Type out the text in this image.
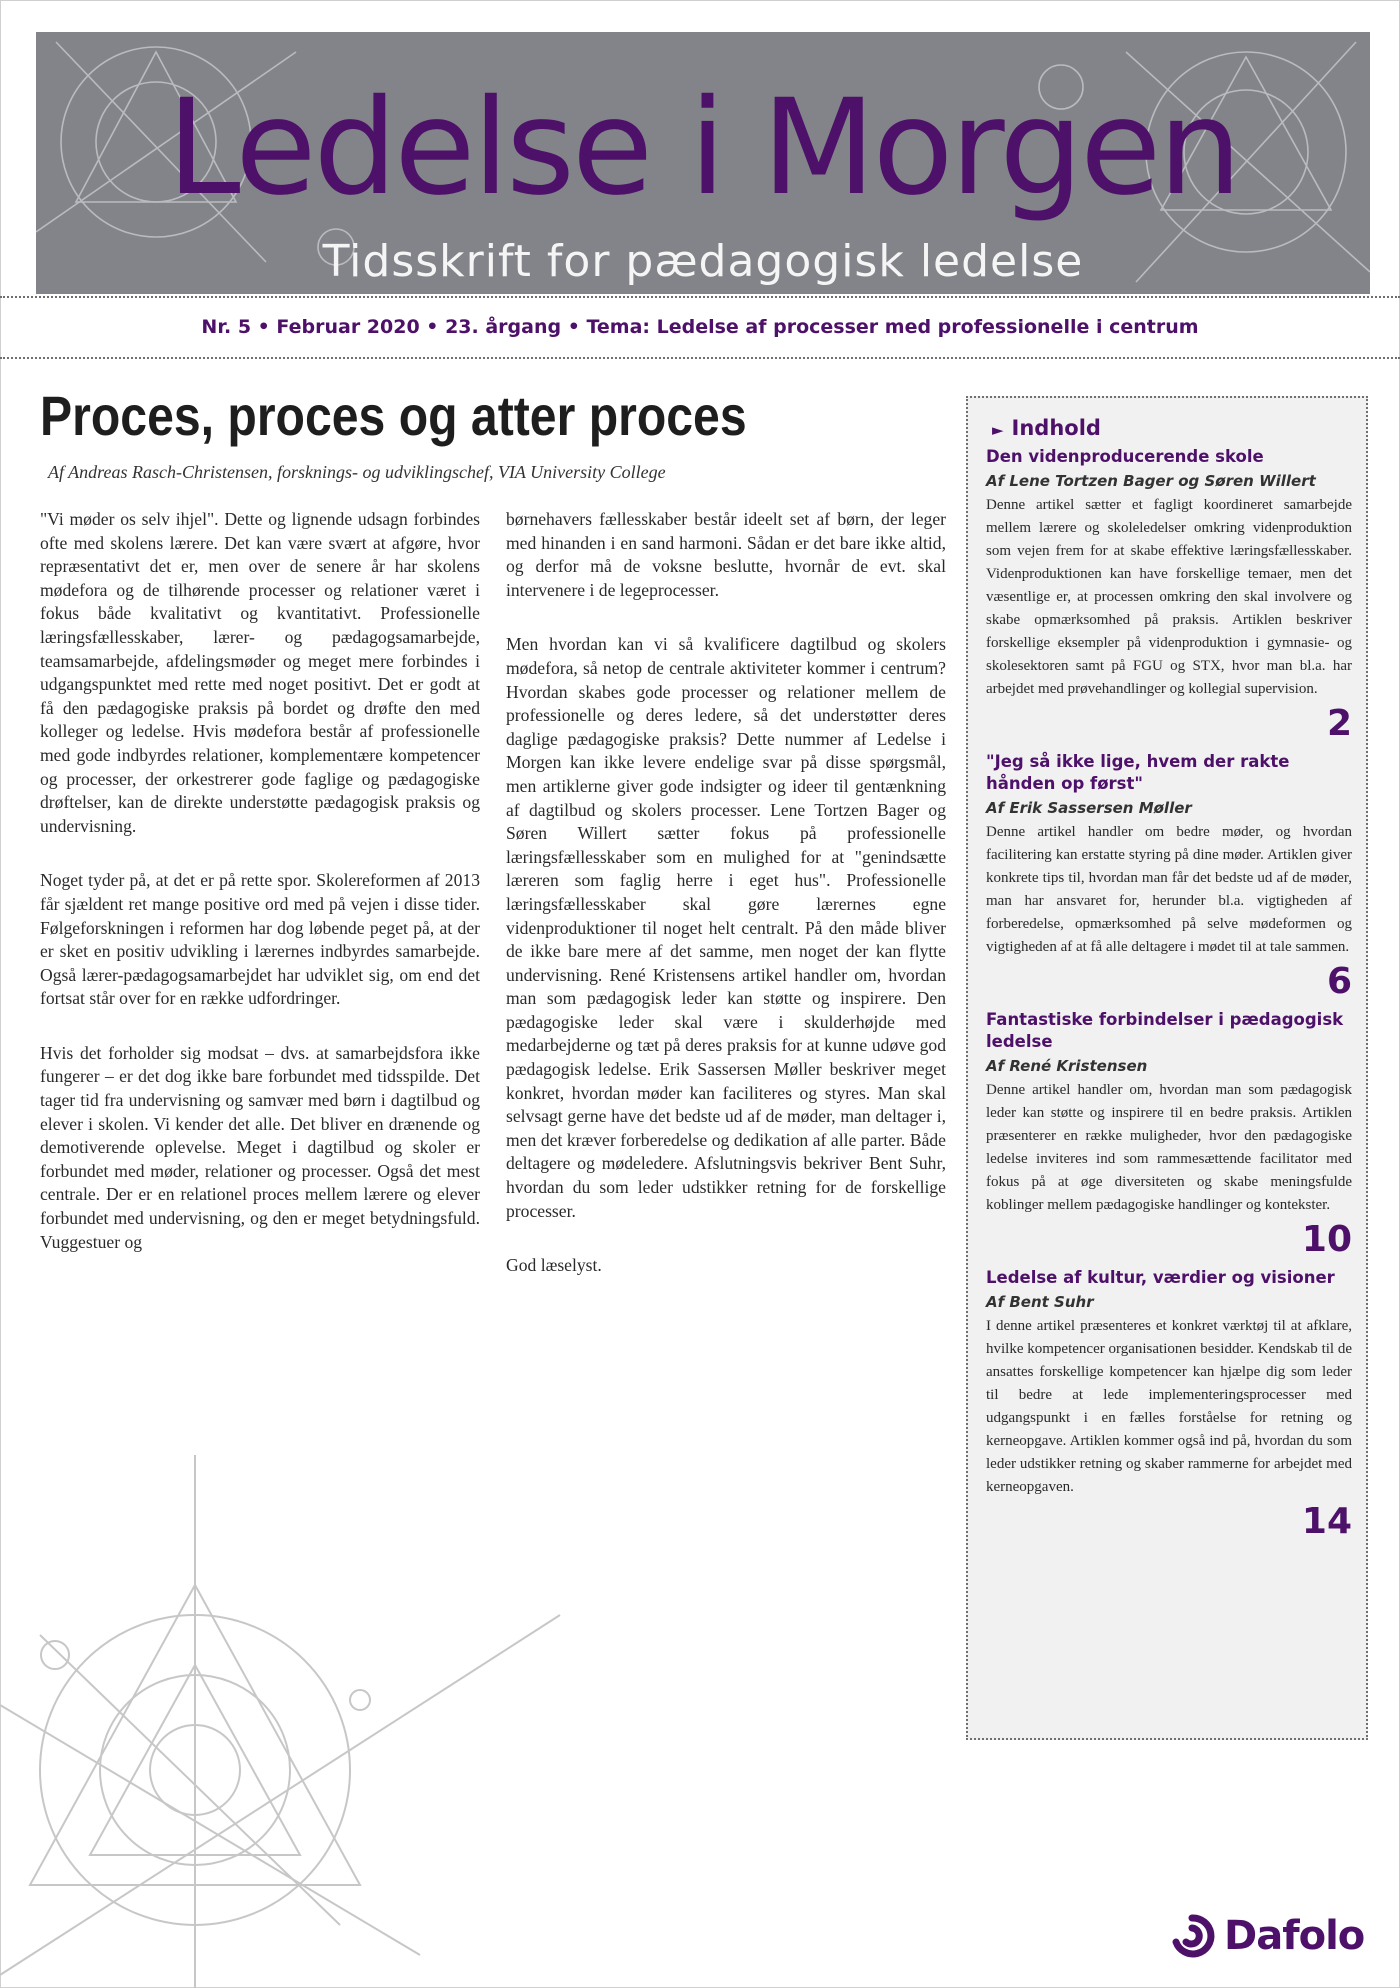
Ledelse i Morgen
Tidsskrift for pædagogisk ledelse
Nr. 5 • Februar 2020 • 23. årgang • Tema: Ledelse af processer med professionelle i centrum
Proces, proces og atter proces
Af Andreas Rasch-Christensen, forsknings- og udviklingschef, VIA University College

"Vi møder os selv ihjel". Dette og lignende udsagn forbindes ofte med skolens lærere. Det kan være svært at afgøre, hvor repræsentativt det er, men over de senere år har skolens mødefora og de tilhørende processer og relationer været i fokus både kvalitativt og kvantitativt. Professionelle læringsfællesskaber, lærer- og pædagogsamarbejde, teamsamarbejde, afdelingsmøder og meget mere forbindes i udgangspunktet med rette med noget positivt. Det er godt at få den pædagogiske praksis på bordet og drøfte den med kolleger og ledelse. Hvis mødefora består af professionelle med gode indbyrdes relationer, komplementære kompetencer og processer, der orkestrerer gode faglige og pædagogiske drøftelser, kan de direkte understøtte pædagogisk praksis og undervisning.

Noget tyder på, at det er på rette spor. Skolereformen af 2013 får sjældent ret mange positive ord med på vejen i disse tider. Følgeforskningen i reformen har dog løbende peget på, at der er sket en positiv udvikling i lærernes indbyrdes samarbejde. Også lærer-pædagogsamarbejdet har udviklet sig, om end det fortsat står over for en række udfordringer.

Hvis det forholder sig modsat – dvs. at samarbejdsfora ikke fungerer – er det dog ikke bare forbundet med tidsspilde. Det tager tid fra undervisning og samvær med børn i dagtilbud og elever i skolen. Vi kender det alle. Det bliver en drænende og demotiverende oplevelse. Meget i dagtilbud og skoler er forbundet med møder, relationer og processer. Også det mest centrale. Der er en relationel proces mellem lærere og elever forbundet med undervisning, og den er meget betydningsfuld. Vuggestuer og

børnehavers fællesskaber består ideelt set af børn, der leger med hinanden i en sand harmoni. Sådan er det bare ikke altid, og derfor må de voksne beslutte, hvornår de evt. skal intervenere i de legeprocesser.

Men hvordan kan vi så kvalificere dagtilbud og skolers mødefora, så netop de centrale aktiviteter kommer i centrum? Hvordan skabes gode processer og relationer mellem de professionelle og deres ledere, så det understøtter deres daglige pædagogiske praksis? Dette nummer af Ledelse i Morgen kan ikke levere endelige svar på disse spørgsmål, men artiklerne giver gode indsigter og ideer til gentænkning af dagtilbud og skolers processer. Lene Tortzen Bager og Søren Willert sætter fokus på professionelle læringsfællesskaber som en mulighed for at "genindsætte læreren som faglig herre i eget hus". Professionelle læringsfællesskaber skal gøre lærernes egne videnproduktioner til noget helt centralt. På den måde bliver de ikke bare mere af det samme, men noget der kan flytte undervisning. René Kristensens artikel handler om, hvordan man som pædagogisk leder kan støtte og inspirere. Den pædagogiske leder skal være i skulderhøjde med medarbejderne og tæt på deres praksis for at kunne udøve god pædagogisk ledelse. Erik Sassersen Møller beskriver meget konkret, hvordan møder kan faciliteres og styres. Man skal selvsagt gerne have det bedste ud af de møder, man deltager i, men det kræver forberedelse og dedikation af alle parter. Både deltagere og mødeledere. Afslutningsvis bekriver Bent Suhr, hvordan du som leder udstikker retning for de forskellige processer.

God læselyst.

► Indhold
Den videnproducerende skole
Af Lene Tortzen Bager og Søren Willert
Denne artikel sætter et fagligt koordineret samarbejde mellem lærere og skoleledelser omkring videnproduktion som vejen frem for at skabe effektive læringsfællesskaber. Videnproduktionen kan have forskellige temaer, men det væsentlige er, at processen omkring den skal involvere og skabe opmærksomhed på praksis. Artiklen beskriver forskellige eksempler på videnproduktion i gymnasie- og skolesektoren samt på FGU og STX, hvor man bl.a. har arbejdet med prøvehandlinger og kollegial supervision.
2
"Jeg så ikke lige, hvem der rakte hånden op først"
Af Erik Sassersen Møller
Denne artikel handler om bedre møder, og hvordan facilitering kan erstatte styring på dine møder. Artiklen giver konkrete tips til, hvordan man får det bedste ud af de møder, man har ansvaret for, herunder bl.a. vigtigheden af forberedelse, opmærksomhed på selve mødeformen og vigtigheden af at få alle deltagere i mødet til at tale sammen.
6
Fantastiske forbindelser i pædagogisk ledelse
Af René Kristensen
Denne artikel handler om, hvordan man som pædagogisk leder kan støtte og inspirere til en bedre praksis. Artiklen præsenterer en række muligheder, hvor den pædagogiske ledelse inviteres ind som rammesættende facilitator med fokus på at øge diversiteten og skabe meningsfulde koblinger mellem pædagogiske handlinger og kontekster.
10
Ledelse af kultur, værdier og visioner
Af Bent Suhr
I denne artikel præsenteres et konkret værktøj til at afklare, hvilke kompetencer organisationen besidder. Kendskab til de ansattes forskellige kompetencer kan hjælpe dig som leder til bedre at lede implementeringsprocesser med udgangspunkt i en fælles forståelse for retning og kerneopgave. Artiklen kommer også ind på, hvordan du som leder udstikker retning og skaber rammerne for arbejdet med kerneopgaven.
14
Dafolo
